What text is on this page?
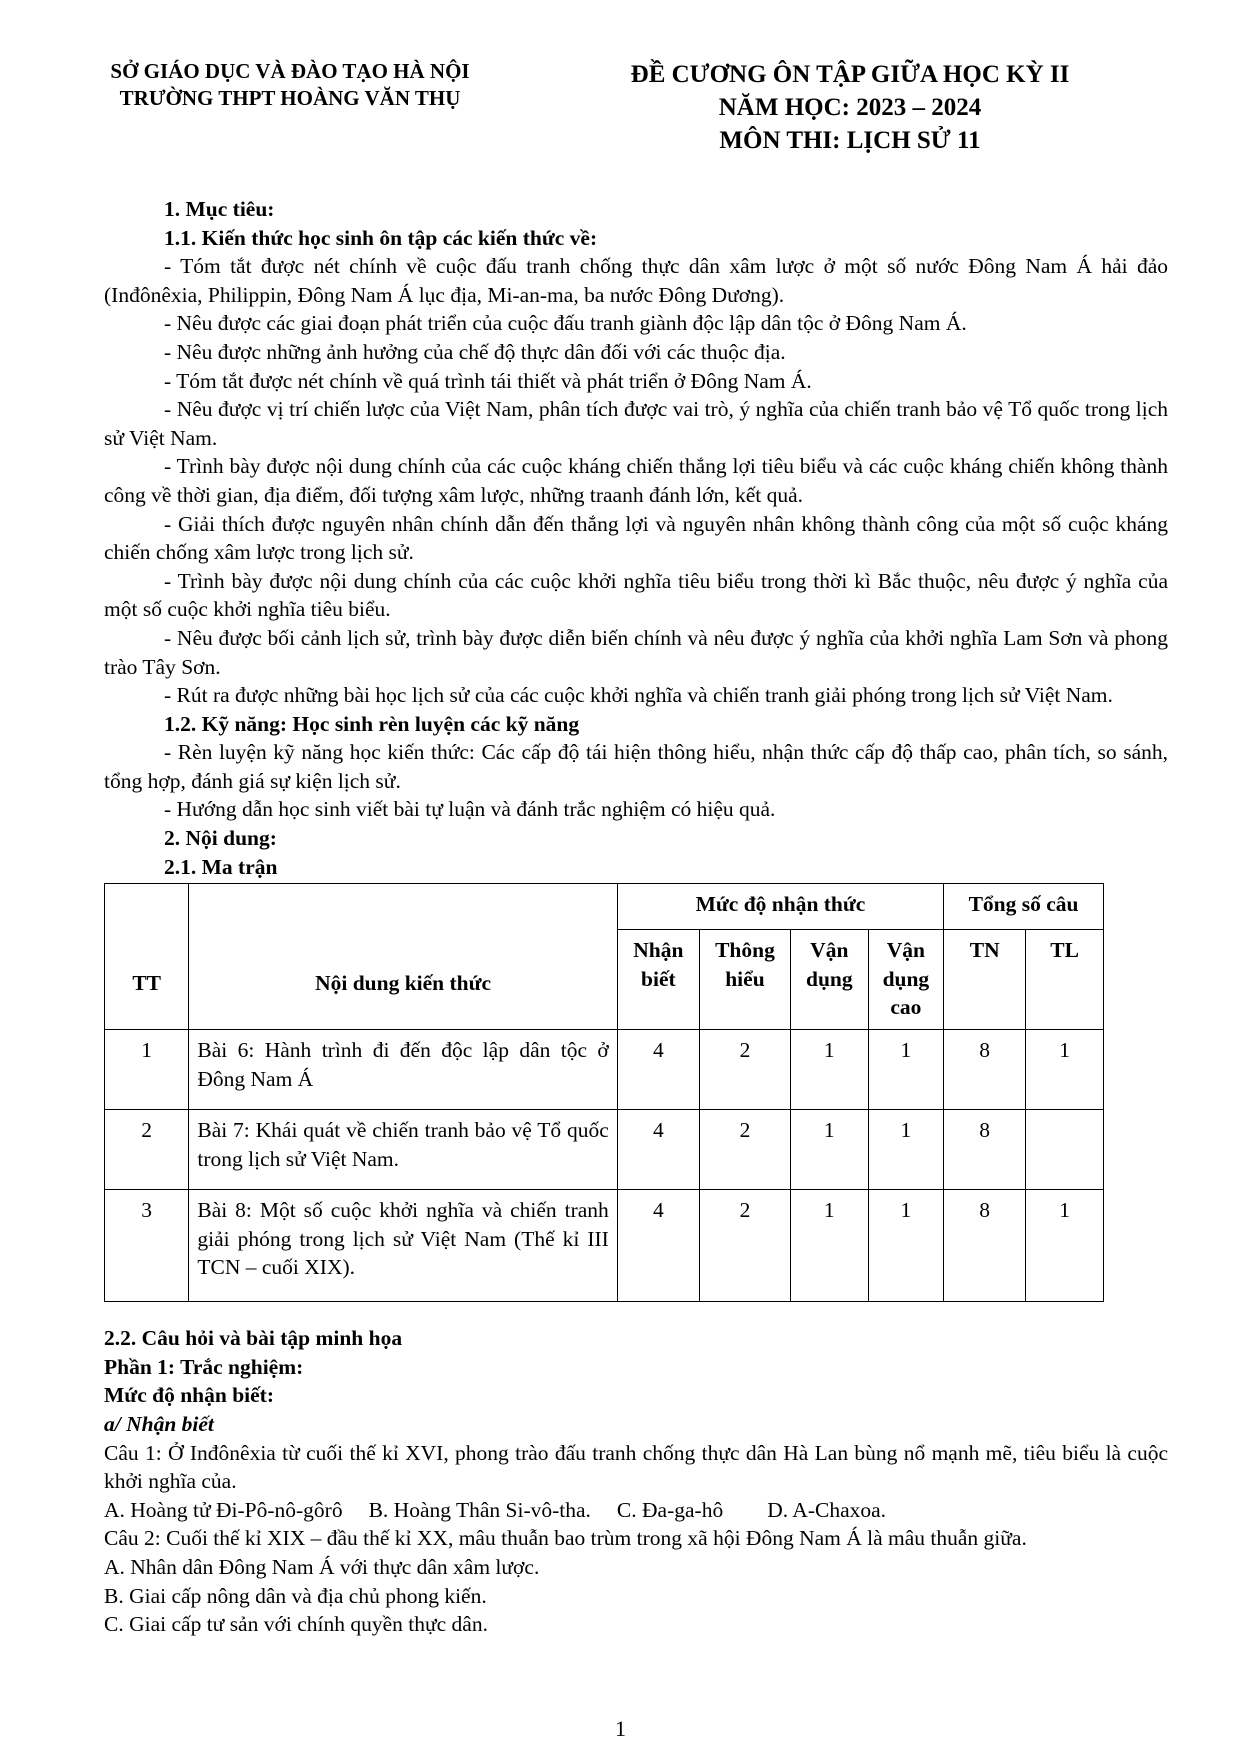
SỞ GIÁO DỤC VÀ ĐÀO TẠO HÀ NỘI
TRƯỜNG THPT HOÀNG VĂN THỤ
ĐỀ CƯƠNG ÔN TẬP GIỮA HỌC KỲ II
NĂM HỌC: 2023 – 2024
MÔN THI: LỊCH SỬ 11

1. Mục tiêu:

1.1. Kiến thức học sinh ôn tập các kiến thức về:

- Tóm tắt được nét chính về cuộc đấu tranh chống thực dân xâm lược ở một số nước Đông Nam Á hải đảo (Inđônêxia, Philippin, Đông Nam Á lục địa, Mi-an-ma, ba nước Đông Dương).

- Nêu được các giai đoạn phát triển của cuộc đấu tranh giành độc lập dân tộc ở Đông Nam Á.

- Nêu được những ảnh hưởng của chế độ thực dân đối với các thuộc địa.

- Tóm tắt được nét chính về quá trình tái thiết và phát triển ở Đông Nam Á.

- Nêu được vị trí chiến lược của Việt Nam, phân tích được vai trò, ý nghĩa của chiến tranh bảo vệ Tổ quốc trong lịch sử Việt Nam.

- Trình bày được nội dung chính của các cuộc kháng chiến thắng lợi tiêu biểu và các cuộc kháng chiến không thành công về thời gian, địa điểm, đối tượng xâm lược, những traanh đánh lớn, kết quả.

- Giải thích được nguyên nhân chính dẫn đến thắng lợi và nguyên nhân không thành công của một số cuộc kháng chiến chống xâm lược trong lịch sử.

- Trình bày được nội dung chính của các cuộc khởi nghĩa tiêu biểu trong thời kì Bắc thuộc, nêu được ý nghĩa của một số cuộc khởi nghĩa tiêu biểu.

- Nêu được bối cảnh lịch sử, trình bày được diễn biến chính và nêu được ý nghĩa của khởi nghĩa Lam Sơn và phong trào Tây Sơn.

- Rút ra được những bài học lịch sử của các cuộc khởi nghĩa và chiến tranh giải phóng trong lịch sử Việt Nam.

1.2. Kỹ năng: Học sinh rèn luyện các kỹ năng

- Rèn luyện kỹ năng học kiến thức: Các cấp độ tái hiện thông hiểu, nhận thức cấp độ thấp cao, phân tích, so sánh, tổng hợp, đánh giá sự kiện lịch sử.

- Hướng dẫn học sinh viết bài tự luận và đánh trắc nghiệm có hiệu quả.

2. Nội dung:

2.1. Ma trận

TT	Nội dung kiến thức	Mức độ nhận thức				Tổng số câu	
		Nhận biết	Thông hiểu	Vận dụng	Vận dụng cao	TN	TL
1	Bài 6: Hành trình đi đến độc lập dân tộc ở Đông Nam Á	4	2	1	1	8	1
2	Bài 7: Khái quát về chiến tranh bảo vệ Tổ quốc trong lịch sử Việt Nam.	4	2	1	1	8	
3	Bài 8: Một số cuộc khởi nghĩa và chiến tranh giải phóng trong lịch sử Việt Nam (Thế kỉ III TCN – cuối XIX).	4	2	1	1	8	1

2.2. Câu hỏi và bài tập minh họa

Phần 1: Trắc nghiệm:

Mức độ nhận biết:

a/ Nhận biết

Câu 1: Ở Inđônêxia từ cuối thế kỉ XVI, phong trào đấu tranh chống thực dân Hà Lan bùng nổ mạnh mẽ, tiêu biểu là cuộc khởi nghĩa của.

A. Hoàng tử Đi-Pô-nô-gôrô B. Hoàng Thân Si-vô-tha. C. Đa-ga-hô D. A-Chaxoa.

Câu 2: Cuối thế kỉ XIX – đầu thế kỉ XX, mâu thuẫn bao trùm trong xã hội Đông Nam Á là mâu thuẫn giữa.

A. Nhân dân Đông Nam Á với thực dân xâm lược.

B. Giai cấp nông dân và địa chủ phong kiến.

C. Giai cấp tư sản với chính quyền thực dân.

1
